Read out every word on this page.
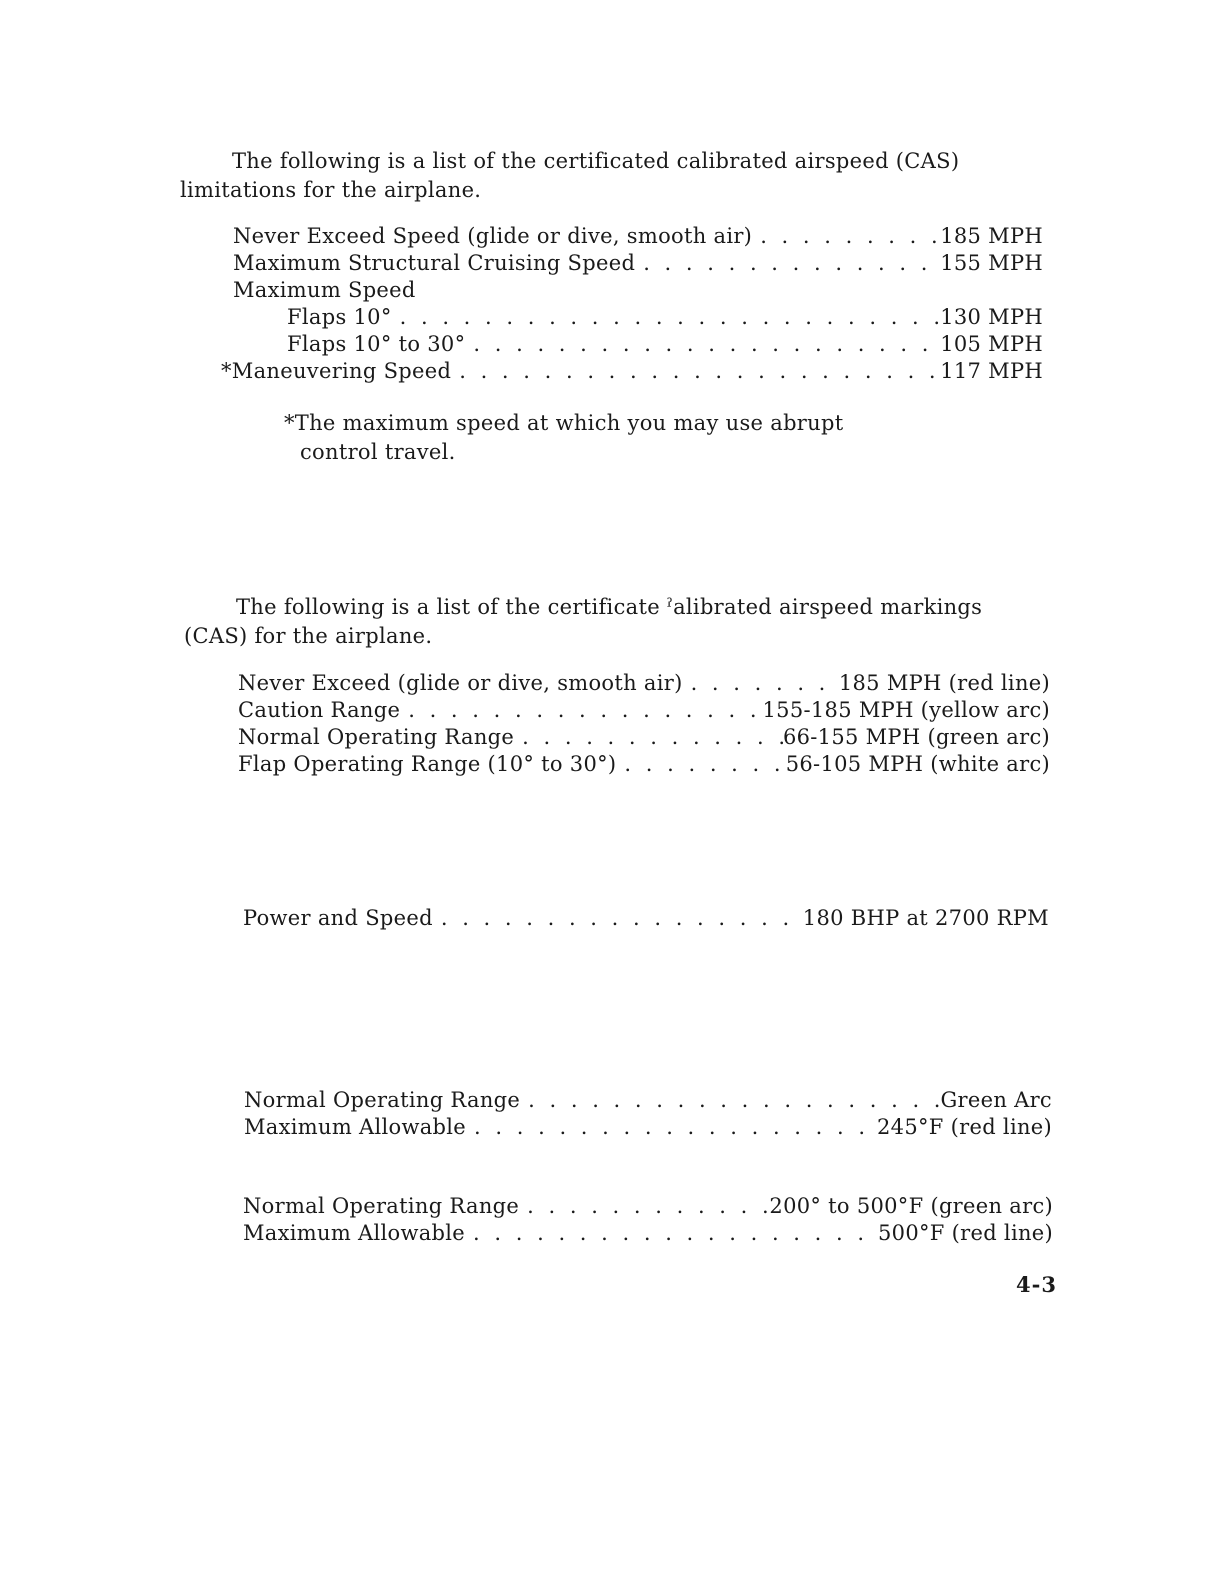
The following is a list of the certificated calibrated airspeed (CAS)
limitations for the airplane.
Never Exceed Speed (glide or dive, smooth air) . . .	185 MPH
Maximum Structural Cruising Speed . . .	155 MPH
Maximum Speed
Flaps 10° . . .	130 MPH
Flaps 10° to 30° . . .	105 MPH
*Maneuvering Speed . . .	117 MPH
*The maximum speed at which you may use abrupt
control travel.
The following is a list of the certificate ˀalibrated airspeed markings
(CAS) for the airplane.
Never Exceed (glide or dive, smooth air) . . .	185 MPH (red line)
Caution Range . . .	155-185 MPH (yellow arc)
Normal Operating Range . . .	66-155 MPH (green arc)
Flap Operating Range (10° to 30°) . . .	56-105 MPH (white arc)
Power and Speed . . .	180 BHP at 2700 RPM
Normal Operating Range . . .	Green Arc
Maximum Allowable . . .	245°F (red line)
Normal Operating Range . . .	200° to 500°F (green arc)
Maximum Allowable . . .	500°F (red line)
4-3
